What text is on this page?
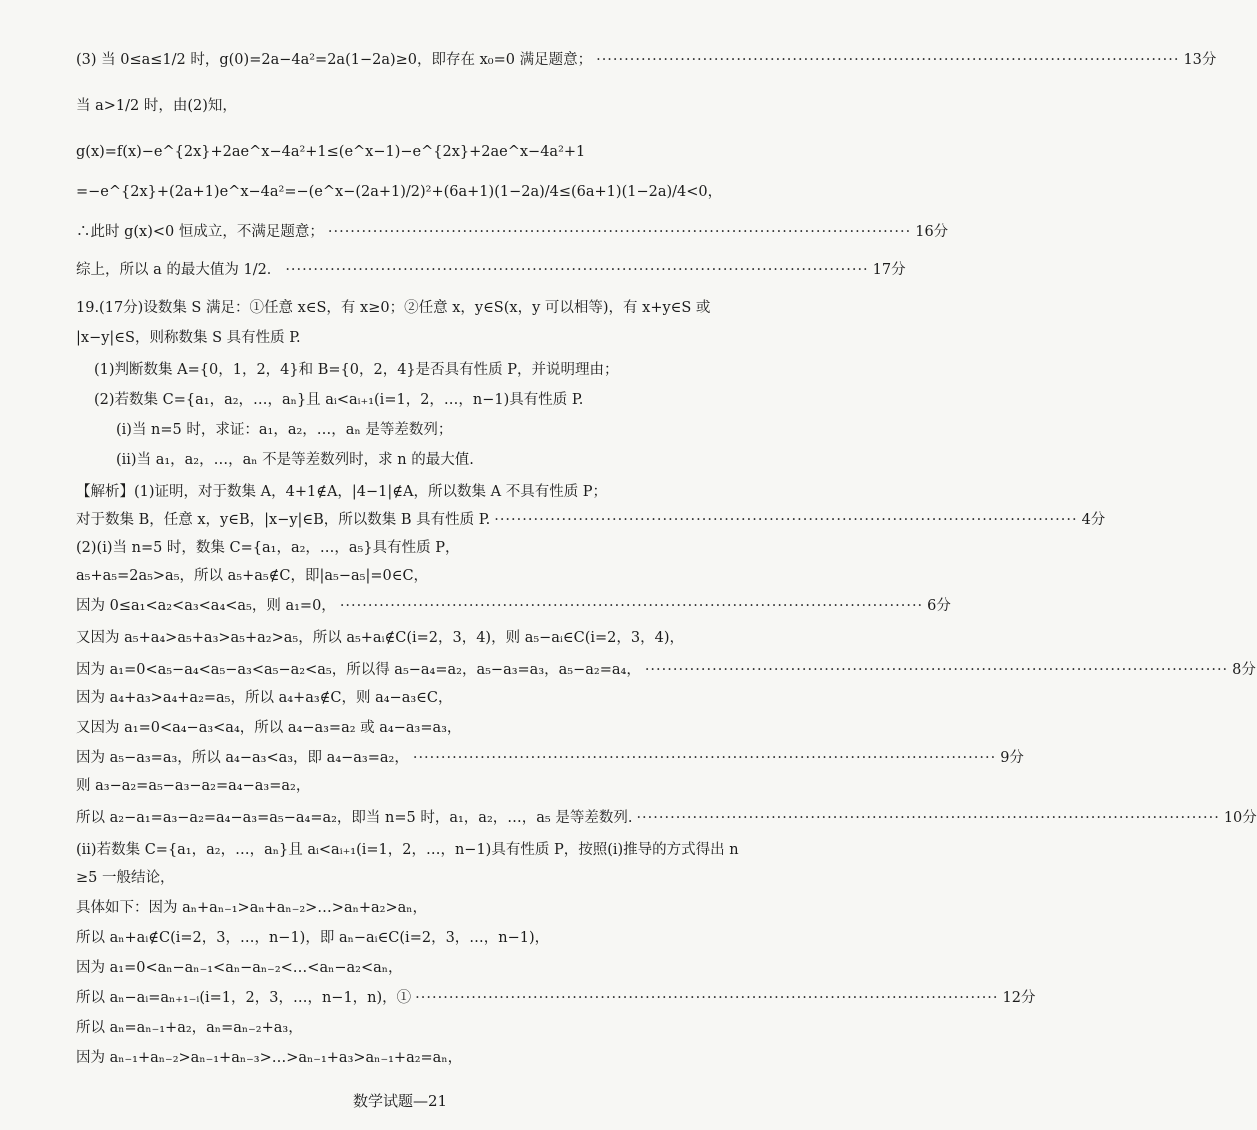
(3) 当 0≤a≤1/2 时，g(0)=2a−4a²=2a(1−2a)≥0，即存在 x₀=0 满足题意； ········································································································ 13分
当 a>1/2 时，由(2)知，
g(x)=f(x)−e^{2x}+2ae^x−4a²+1≤(e^x−1)−e^{2x}+2ae^x−4a²+1
=−e^{2x}+(2a+1)e^x−4a²=−(e^x−(2a+1)/2)²+(6a+1)(1−2a)/4≤(6a+1)(1−2a)/4<0，
∴此时 g(x)<0 恒成立，不满足题意； ········································································································ 16分
综上，所以 a 的最大值为 1/2． ········································································································ 17分
19.(17分)设数集 S 满足：①任意 x∈S，有 x≥0；②任意 x，y∈S(x，y 可以相等)，有 x+y∈S 或
|x−y|∈S，则称数集 S 具有性质 P.
(1)判断数集 A={0，1，2，4}和 B={0，2，4}是否具有性质 P，并说明理由；
(2)若数集 C={a₁，a₂，…，aₙ}且 aᵢ<aᵢ₊₁(i=1，2，…，n−1)具有性质 P.
(i)当 n=5 时，求证：a₁，a₂，…，aₙ 是等差数列；
(ii)当 a₁，a₂，…，aₙ 不是等差数列时，求 n 的最大值.
【解析】(1)证明，对于数集 A，4+1∉A，|4−1|∉A，所以数集 A 不具有性质 P；
对于数集 B，任意 x，y∈B，|x−y|∈B，所以数集 B 具有性质 P. ········································································································ 4分
(2)(i)当 n=5 时，数集 C={a₁，a₂，…，a₅}具有性质 P，
a₅+a₅=2a₅>a₅，所以 a₅+a₅∉C，即|a₅−a₅|=0∈C，
因为 0≤a₁<a₂<a₃<a₄<a₅，则 a₁=0， ········································································································ 6分
又因为 a₅+a₄>a₅+a₃>a₅+a₂>a₅，所以 a₅+aᵢ∉C(i=2，3，4)，则 a₅−aᵢ∈C(i=2，3，4)，
因为 a₁=0<a₅−a₄<a₅−a₃<a₅−a₂<a₅，所以得 a₅−a₄=a₂，a₅−a₃=a₃，a₅−a₂=a₄， ········································································································ 8分
因为 a₄+a₃>a₄+a₂=a₅，所以 a₄+a₃∉C，则 a₄−a₃∈C，
又因为 a₁=0<a₄−a₃<a₄，所以 a₄−a₃=a₂ 或 a₄−a₃=a₃，
因为 a₅−a₃=a₃，所以 a₄−a₃<a₃，即 a₄−a₃=a₂， ········································································································ 9分
则 a₃−a₂=a₅−a₃−a₂=a₄−a₃=a₂，
所以 a₂−a₁=a₃−a₂=a₄−a₃=a₅−a₄=a₂，即当 n=5 时，a₁，a₂，…，a₅ 是等差数列. ········································································································ 10分
(ii)若数集 C={a₁，a₂，…，aₙ}且 aᵢ<aᵢ₊₁(i=1，2，…，n−1)具有性质 P，按照(i)推导的方式得出 n
≥5 一般结论，
具体如下：因为 aₙ+aₙ₋₁>aₙ+aₙ₋₂>…>aₙ+a₂>aₙ，
所以 aₙ+aᵢ∉C(i=2，3，…，n−1)，即 aₙ−aᵢ∈C(i=2，3，…，n−1)，
因为 a₁=0<aₙ−aₙ₋₁<aₙ−aₙ₋₂<…<aₙ−a₂<aₙ，
所以 aₙ−aᵢ=aₙ₊₁₋ᵢ(i=1，2，3，…，n−1，n)，① ········································································································ 12分
所以 aₙ=aₙ₋₁+a₂，aₙ=aₙ₋₂+a₃，
因为 aₙ₋₁+aₙ₋₂>aₙ₋₁+aₙ₋₃>…>aₙ₋₁+a₃>aₙ₋₁+a₂=aₙ，
数学试题—21
